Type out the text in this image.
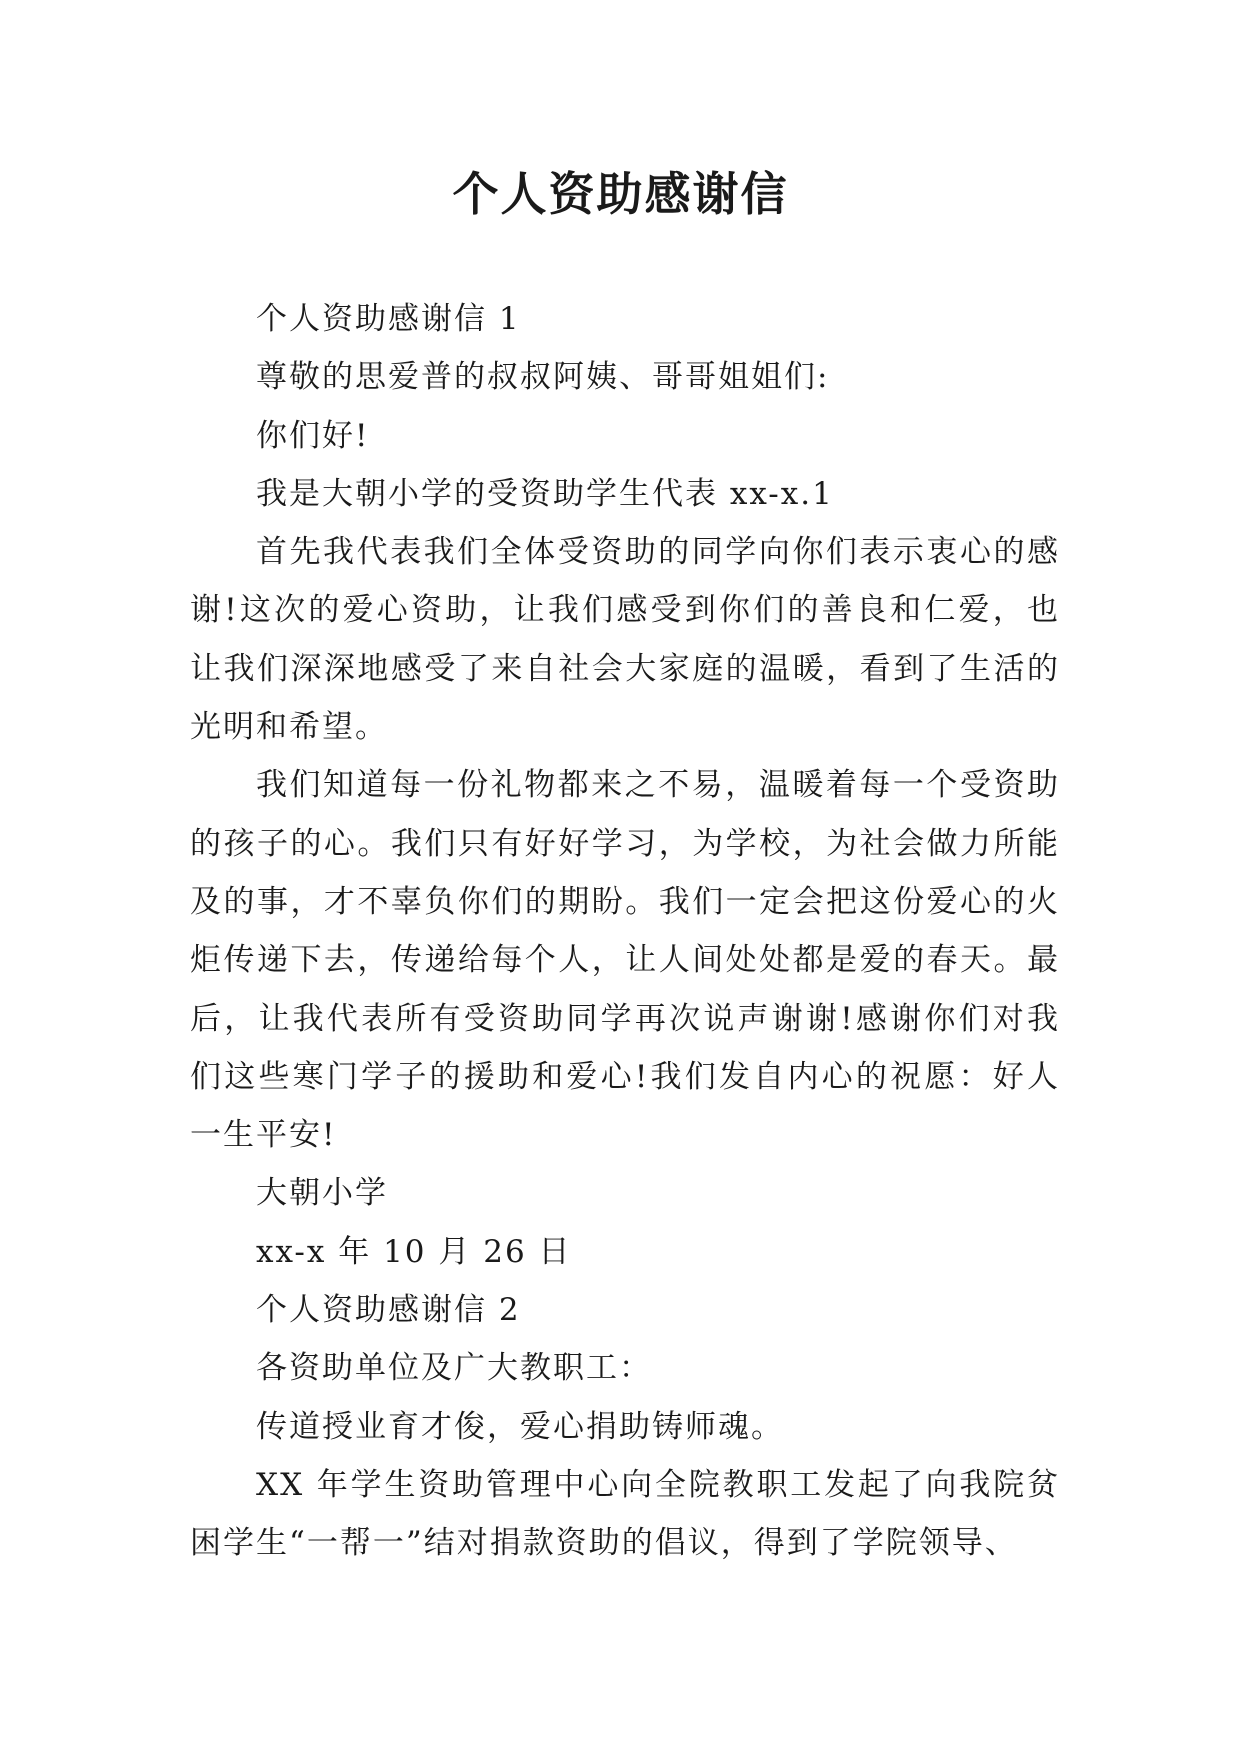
个人资助感谢信

个人资助感谢信 1

尊敬的思爱普的叔叔阿姨、哥哥姐姐们:

你们好!

我是大朝小学的受资助学生代表 xx-x.1

首先我代表我们全体受资助的同学向你们表示衷心的感谢!这次的爱心资助，让我们感受到你们的善良和仁爱，也让我们深深地感受了来自社会大家庭的温暖，看到了生活的光明和希望。

我们知道每一份礼物都来之不易，温暖着每一个受资助的孩子的心。我们只有好好学习，为学校，为社会做力所能及的事，才不辜负你们的期盼。我们一定会把这份爱心的火炬传递下去，传递给每个人，让人间处处都是爱的春天。最后，让我代表所有受资助同学再次说声谢谢!感谢你们对我们这些寒门学子的援助和爱心!我们发自内心的祝愿：好人一生平安!

大朝小学

xx-x 年 10 月 26 日

个人资助感谢信 2

各资助单位及广大教职工：

传道授业育才俊，爱心捐助铸师魂。

XX 年学生资助管理中心向全院教职工发起了向我院贫困学生“一帮一”结对捐款资助的倡议，得到了学院领导、
